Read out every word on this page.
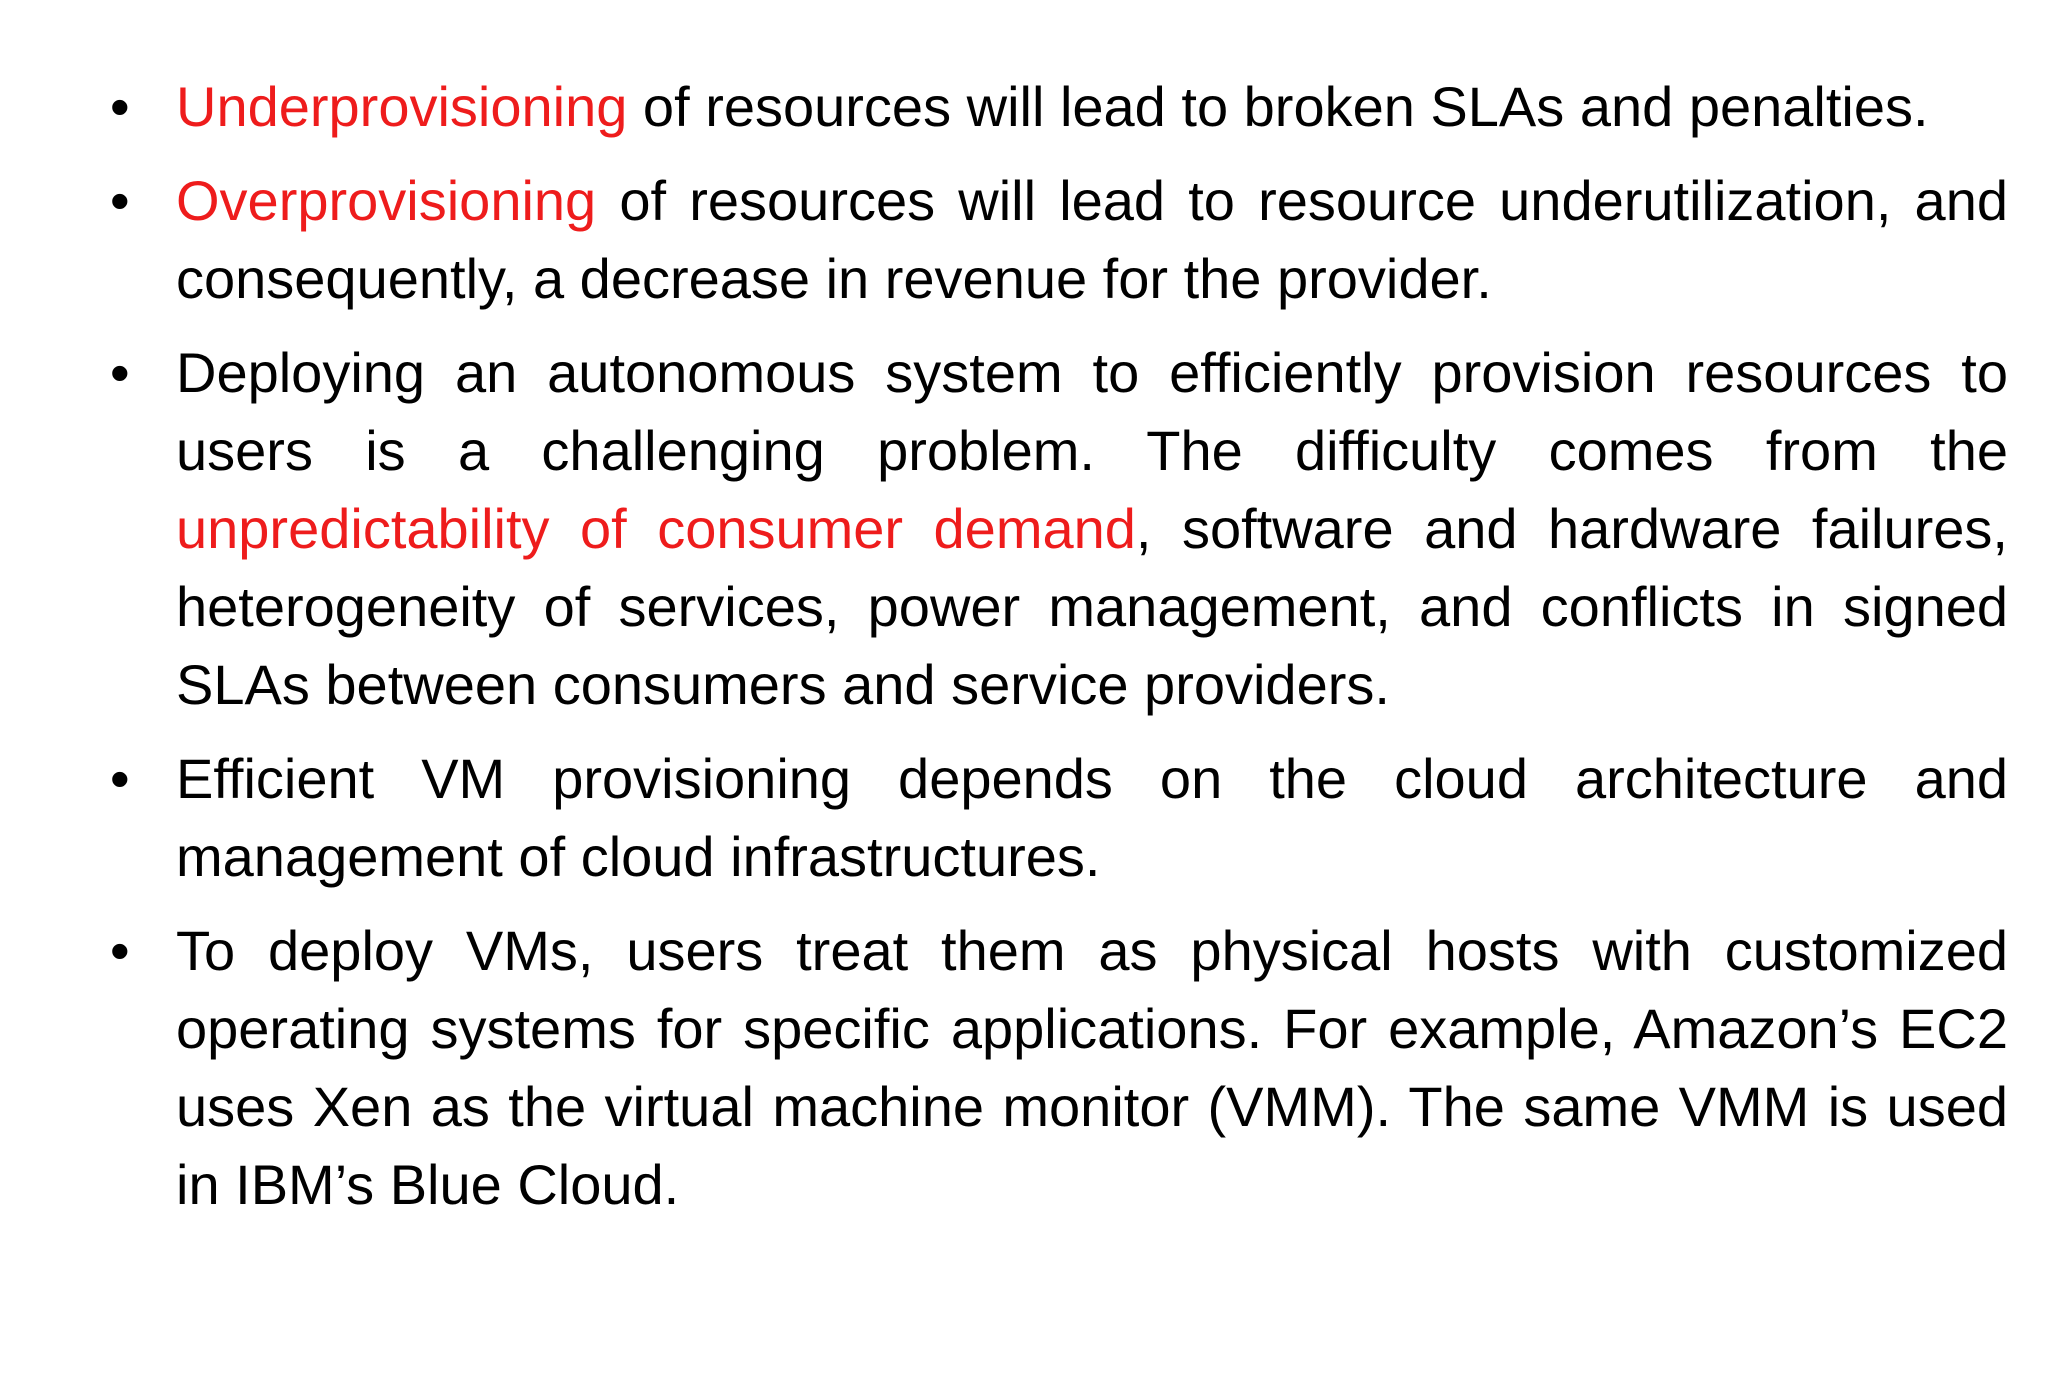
• Underprovisioning of resources will lead to broken SLAs and penalties.
• Overprovisioning of resources will lead to resource underutilization, and consequently, a decrease in revenue for the provider.
• Deploying an autonomous system to efficiently provision resources to users is a challenging problem. The difficulty comes from the unpredictability of consumer demand, software and hardware failures, heterogeneity of services, power management, and conflicts in signed SLAs between consumers and service providers.
• Efficient VM provisioning depends on the cloud architecture and management of cloud infrastructures.
• To deploy VMs, users treat them as physical hosts with customized operating systems for specific applications. For example, Amazon’s EC2 uses Xen as the virtual machine monitor (VMM). The same VMM is used in IBM’s Blue Cloud.
